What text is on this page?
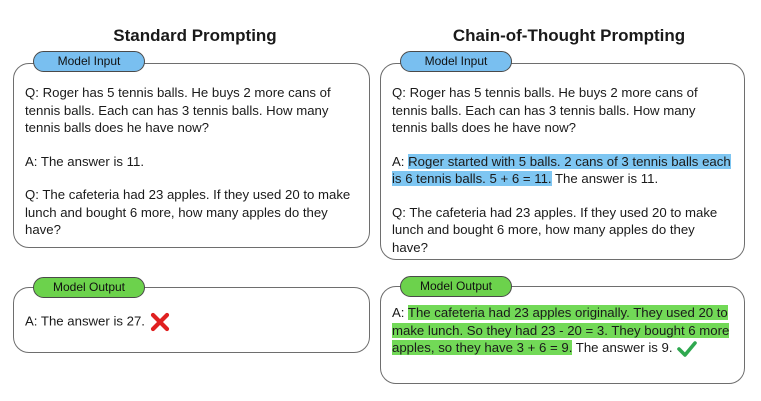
Standard Prompting	Chain-of-Thought Prompting
Model Input
Q: Roger has 5 tennis balls. He buys 2 more cans of tennis balls. Each can has 3 tennis balls. How many tennis balls does he have now?
A: The answer is 11.
Q: The cafeteria had 23 apples. If they used 20 to make lunch and bought 6 more, how many apples do they have?
Model Input
Q: Roger has 5 tennis balls. He buys 2 more cans of tennis balls. Each can has 3 tennis balls. How many tennis balls does he have now?
A: Roger started with 5 balls. 2 cans of 3 tennis balls each is 6 tennis balls. 5 + 6 = 11. The answer is 11.
Q: The cafeteria had 23 apples. If they used 20 to make lunch and bought 6 more, how many apples do they have?
Model Output
A: The answer is 27.
Model Output
A: The cafeteria had 23 apples originally. They used 20 to make lunch. So they had 23 - 20 = 3. They bought 6 more apples, so they have 3 + 6 = 9. The answer is 9.
